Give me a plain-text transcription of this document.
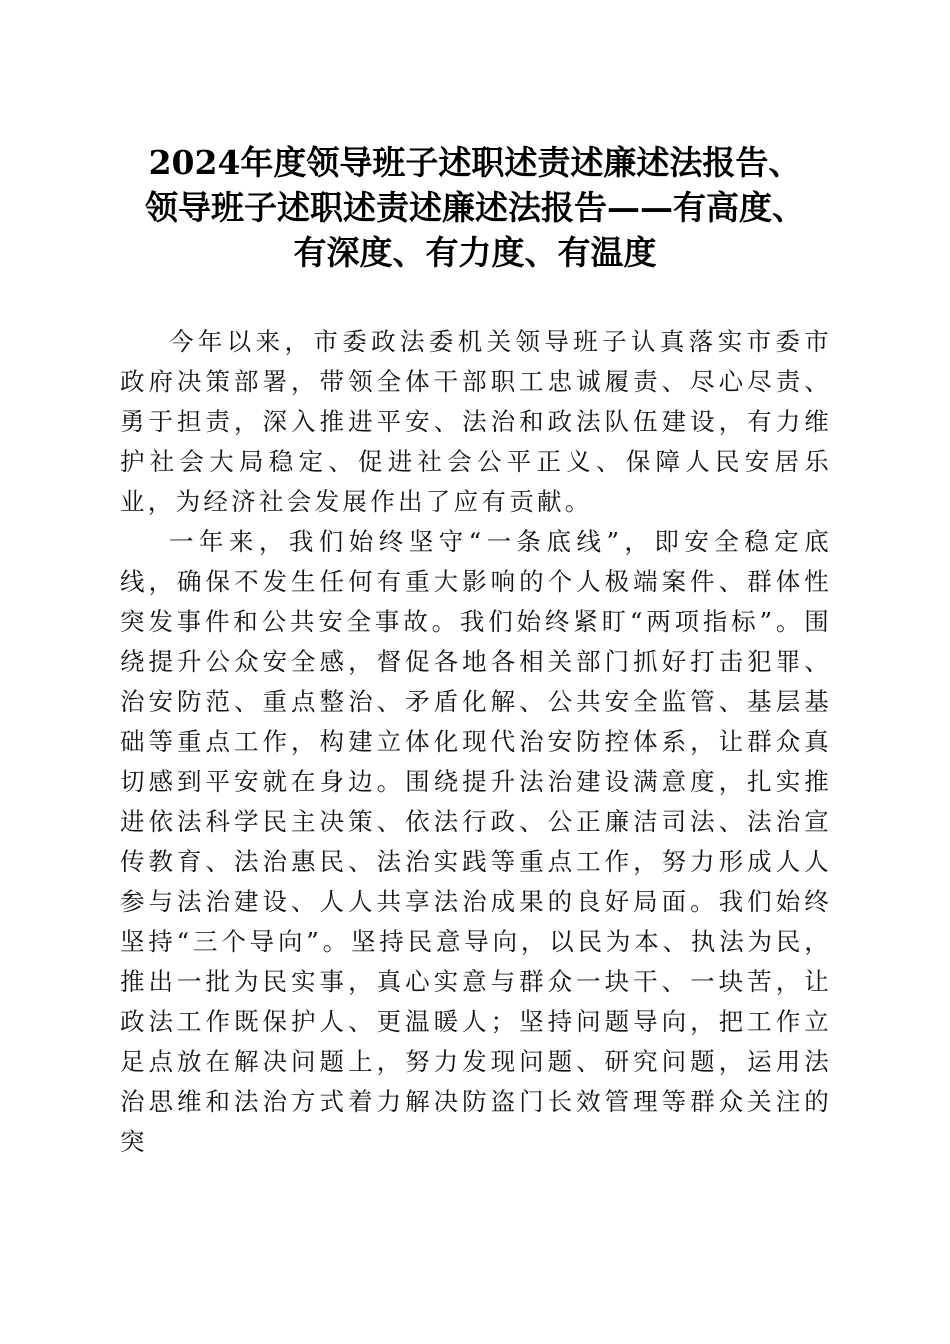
2024年度领导班子述职述责述廉述法报告、
领导班子述职述责述廉述法报告——有高度、
有深度、有力度、有温度

今年以来，市委政法委机关领导班子认真落实市委市政府决策部署，带领全体干部职工忠诚履责、尽心尽责、勇于担责，深入推进平安、法治和政法队伍建设，有力维护社会大局稳定、促进社会公平正义、保障人民安居乐业，为经济社会发展作出了应有贡献。

一年来，我们始终坚守“一条底线”，即安全稳定底线，确保不发生任何有重大影响的个人极端案件、群体性突发事件和公共安全事故。我们始终紧盯“两项指标”。围绕提升公众安全感，督促各地各相关部门抓好打击犯罪、治安防范、重点整治、矛盾化解、公共安全监管、基层基础等重点工作，构建立体化现代治安防控体系，让群众真切感到平安就在身边。围绕提升法治建设满意度，扎实推进依法科学民主决策、依法行政、公正廉洁司法、法治宣传教育、法治惠民、法治实践等重点工作，努力形成人人参与法治建设、人人共享法治成果的良好局面。我们始终坚持“三个导向”。坚持民意导向，以民为本、执法为民，推出一批为民实事，真心实意与群众一块干、一块苦，让政法工作既保护人、更温暖人；坚持问题导向，把工作立足点放在解决问题上，努力发现问题、研究问题，运用法治思维和法治方式着力解决防盗门长效管理等群众关注的突
